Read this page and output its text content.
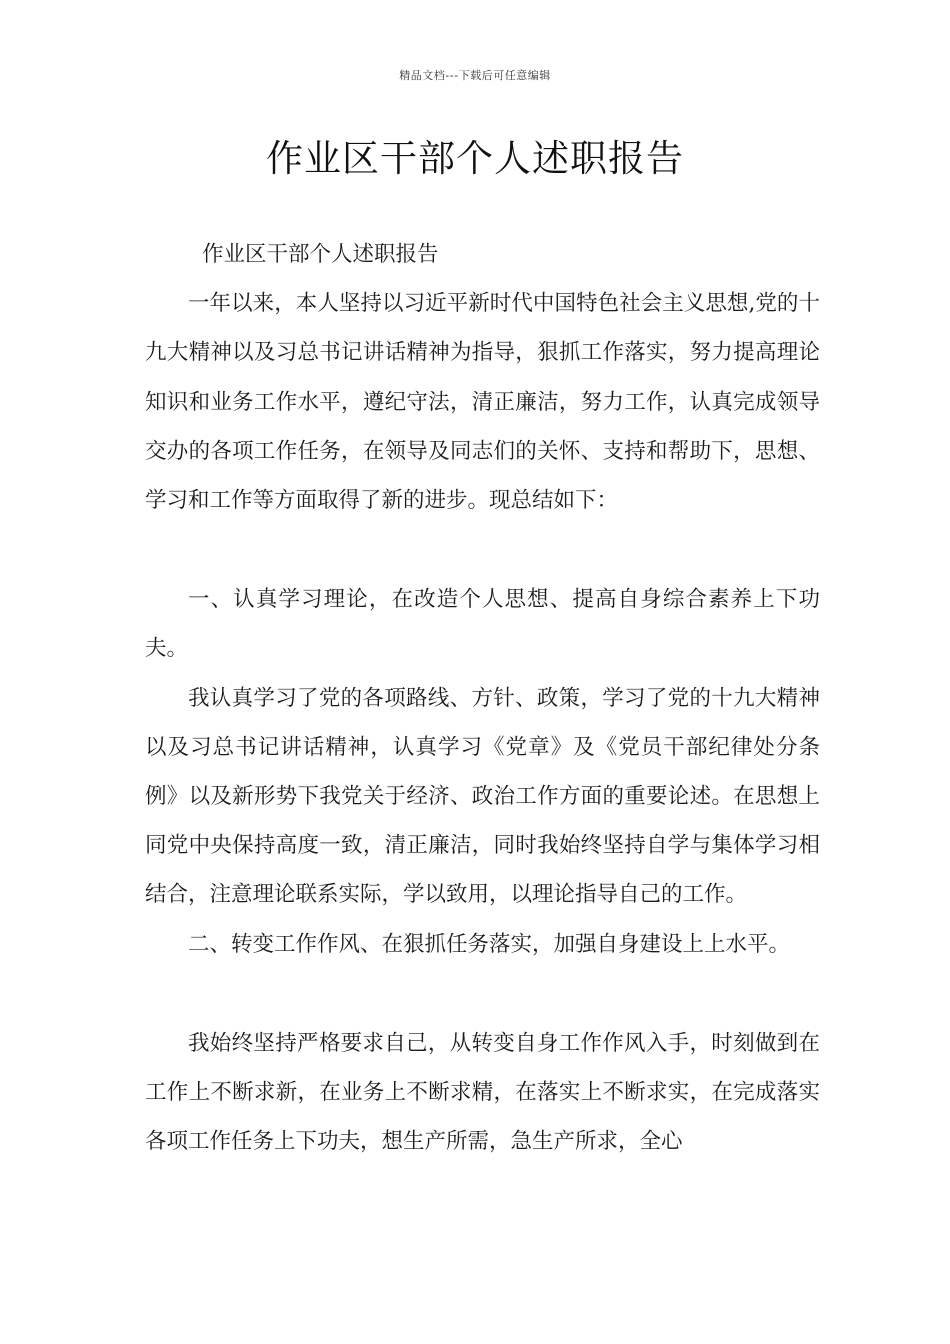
精品文档---下载后可任意编辑
作业区干部个人述职报告

作业区干部个人述职报告

一年以来，本人坚持以习近平新时代中国特色社会主义思想,党的十九大精神以及习总书记讲话精神为指导，狠抓工作落实，努力提高理论知识和业务工作水平，遵纪守法，清正廉洁，努力工作，认真完成领导交办的各项工作任务，在领导及同志们的关怀、支持和帮助下，思想、学习和工作等方面取得了新的进步。现总结如下：

一、认真学习理论，在改造个人思想、提高自身综合素养上下功夫。

我认真学习了党的各项路线、方针、政策，学习了党的十九大精神以及习总书记讲话精神，认真学习《党章》及《党员干部纪律处分条例》以及新形势下我党关于经济、政治工作方面的重要论述。在思想上同党中央保持高度一致，清正廉洁，同时我始终坚持自学与集体学习相结合，注意理论联系实际，学以致用，以理论指导自己的工作。

二、转变工作作风、在狠抓任务落实，加强自身建设上上水平。

我始终坚持严格要求自己，从转变自身工作作风入手，时刻做到在工作上不断求新，在业务上不断求精，在落实上不断求实，在完成落实各项工作任务上下功夫，想生产所需，急生产所求，全心
